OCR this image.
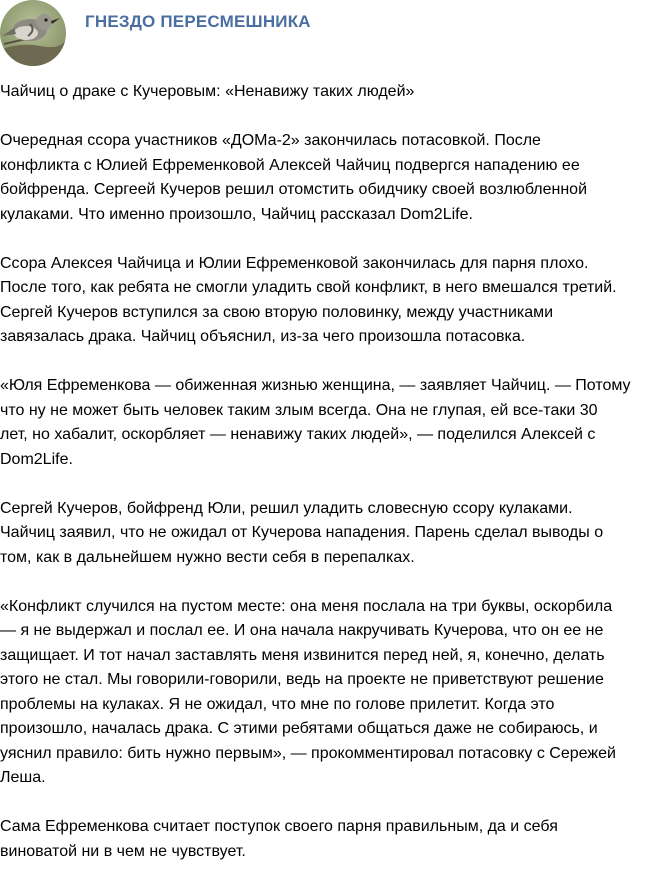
ГНЕЗДО ПЕРЕСМЕШНИКА

Чайчиц о драке с Кучеровым: «Ненавижу таких людей»

Очередная ссора участников «ДОМа-2» закончилась потасовкой. После
конфликта с Юлией Ефременковой Алексей Чайчиц подвергся нападению ее
бойфренда. Сергеей Кучеров решил отомстить обидчику своей возлюбленной
кулаками. Что именно произошло, Чайчиц рассказал Dom2Life.

Ссора Алексея Чайчица и Юлии Ефременковой закончилась для парня плохо.
После того, как ребята не смогли уладить свой конфликт, в него вмешался третий.
Сергей Кучеров вступился за свою вторую половинку, между участниками
завязалась драка. Чайчиц объяснил, из-за чего произошла потасовка.

«Юля Ефременкова — обиженная жизнью женщина, — заявляет Чайчиц. — Потому
что ну не может быть человек таким злым всегда. Она не глупая, ей все-таки 30
лет, но хабалит, оскорбляет — ненавижу таких людей», — поделился Алексей с
Dom2Life.

Сергей Кучеров, бойфренд Юли, решил уладить словесную ссору кулаками.
Чайчиц заявил, что не ожидал от Кучерова нападения. Парень сделал выводы о
том, как в дальнейшем нужно вести себя в перепалках.

«Конфликт случился на пустом месте: она меня послала на три буквы, оскорбила
— я не выдержал и послал ее. И она начала накручивать Кучерова, что он ее не
защищает. И тот начал заставлять меня извинится перед ней, я, конечно, делать
этого не стал. Мы говорили-говорили, ведь на проекте не приветствуют решение
проблемы на кулаках. Я не ожидал, что мне по голове прилетит. Когда это
произошло, началась драка. С этими ребятами общаться даже не собираюсь, и
уяснил правило: бить нужно первым», — прокомментировал потасовку с Сережей
Леша.

Сама Ефременкова считает поступок своего парня правильным, да и себя
виноватой ни в чем не чувствует.
